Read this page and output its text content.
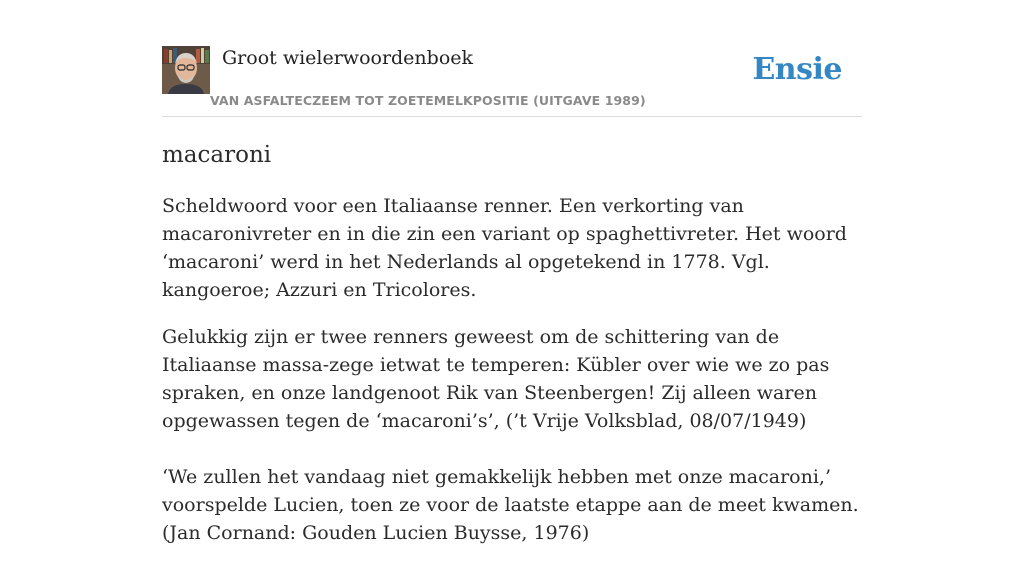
Groot wielerwoordenboek
VAN ASFALTECZEEM TOT ZOETEMELKPOSITIE (UITGAVE 1989)
Ensie
macaroni

Scheldwoord voor een Italiaanse renner. Een verkorting van macaronivreter en in die zin een variant op spaghettivreter. Het woord ‘macaroni’ werd in het Nederlands al opgetekend in 1778. Vgl. kangoeroe; Azzuri en Tricolores.

Gelukkig zijn er twee renners geweest om de schittering van de Italiaanse massa-zege ietwat te temperen: Kübler over wie we zo pas spraken, en onze landgenoot Rik van Steenbergen! Zij alleen waren opgewassen tegen de ‘macaroni’s’, (’t Vrije Volksblad, 08/07/1949)

‘We zullen het vandaag niet gemakkelijk hebben met onze macaroni,’ voorspelde Lucien, toen ze voor de laatste etappe aan de meet kwamen. (Jan Cornand: Gouden Lucien Buysse, 1976)
